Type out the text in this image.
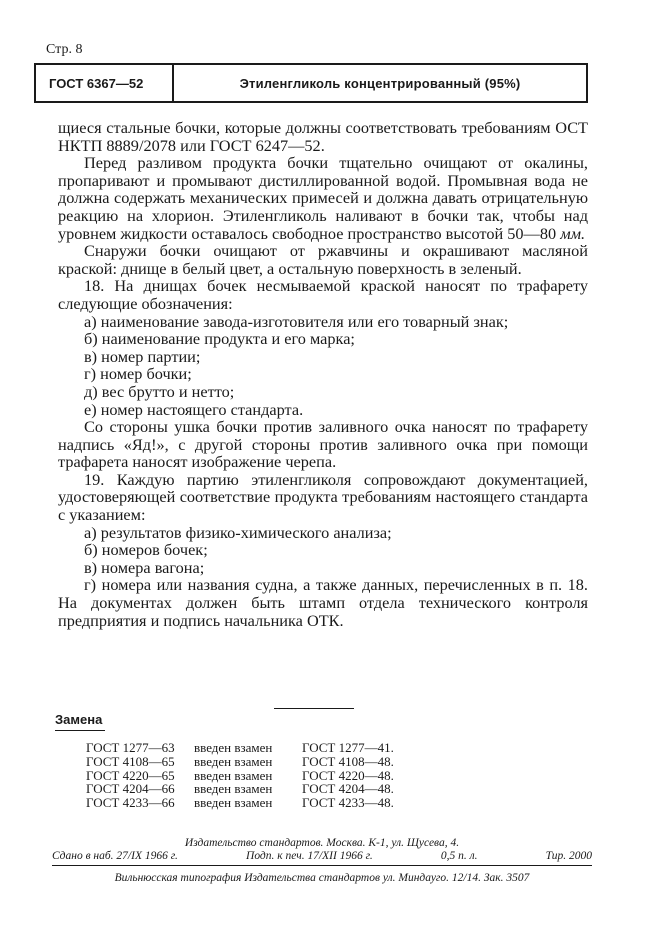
Стр. 8
ГОСТ 6367—52	Этиленгликоль концентрированный (95%)

щиеся стальные бочки, которые должны соответствовать требованиям ОСТ НКТП 8889/2078 или ГОСТ 6247—52.

Перед разливом продукта бочки тщательно очищают от окалины, пропаривают и промывают дистиллированной водой. Промывная вода не должна содержать механических примесей и должна давать отрицательную реакцию на хлорион. Этиленгликоль наливают в бочки так, чтобы над уровнем жидкости оставалось свободное пространство высотой 50—80 мм.

Снаружи бочки очищают от ржавчины и окрашивают масляной краской: днище в белый цвет, а остальную поверхность в зеленый.

18. На днищах бочек несмываемой краской наносят по трафарету следующие обозначения:

а) наименование завода-изготовителя или его товарный знак;

б) наименование продукта и его марка;

в) номер партии;

г) номер бочки;

д) вес брутто и нетто;

е) номер настоящего стандарта.

Со стороны ушка бочки против заливного очка наносят по трафарету надпись «Яд!», с другой стороны против заливного очка при помощи трафарета наносят изображение черепа.

19. Каждую партию этиленгликоля сопровождают документацией, удостоверяющей соответствие продукта требованиям настоящего стандарта с указанием:

а) результатов физико-химического анализа;

б) номеров бочек;

в) номера вагона;

г) номера или названия судна, а также данных, перечисленных в п. 18. На документах должен быть штамп отдела технического контроля предприятия и подпись начальника ОТК.

Замена
ГОСТ 1277—63 введен взамен ГОСТ 1277—41.
ГОСТ 4108—65 введен взамен ГОСТ 4108—48.
ГОСТ 4220—65 введен взамен ГОСТ 4220—48.
ГОСТ 4204—66 введен взамен ГОСТ 4204—48.
ГОСТ 4233—66 введен взамен ГОСТ 4233—48.
Издательство стандартов. Москва. К-1, ул. Щусева, 4.
Сдано в наб. 27/IX 1966 г.	Подп. к печ. 17/XII 1966 г.	0,5 п. л.	Тир. 2000
Вильнюсская типография Издательства стандартов ул. Миндауго. 12/14. Зак. 3507
